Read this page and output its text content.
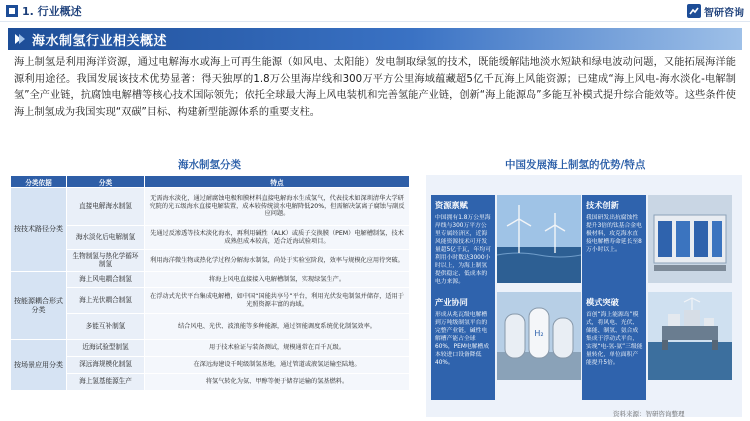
1. 行业概述	智研咨询
海水制氢行业相关概述

海上制氢是利用海洋资源，通过电解海水或海上可再生能源（如风电、太阳能）发电制取绿氢的技术，既能缓解陆地淡水短缺和绿电波动问题，又能拓展海洋能源利用途径。我国发展该技术优势显著：得天独厚的1.8万公里海岸线和300万平方公里海域蕴藏超5亿千瓦海上风能资源；已建成“海上风电-海水淡化-电解制氢”全产业链，抗腐蚀电解槽等核心技术国际领先；依托全球最大海上风电装机和完善氢能产业链，创新“海上能源岛”多能互补模式提升综合能效等。这些条件使海上制氢成为我国实现“双碳”目标、构建新型能源体系的重要支柱。

海水制氢分类	中国发展海上制氢的优势/特点
分类依据	分类	特点
按技术路径分类	直接电解海水制氢	无需海水淡化，通过耐腐蚀电极和膜材料直接电解海水生成氢气，代表技术如深圳清华大学研究院的光五级海水直接电解装置，成本较传统淡水电解降低20%，但需解决氯离子腐蚀与副反应问题。
	海水淡化后电解制氢	先通过反渗透等技术淡化海水，再利用碱性（ALK）或质子交换膜（PEM）电解槽制氢，技术成熟但成本较高，适合近海试验项目。
	生物制氢与热化学循环制氢	利用海洋微生物或热化学过程分解海水制氢，尚处于实验室阶段，效率与规模化应用待突破。
按能源耦合形式分类	海上风电耦合制氢	将海上风电直接接入电解槽制氢，实现绿氢生产。
	海上光伏耦合制氢	在浮动式光伏平台集成电解槽，如中国“国能共享号”平台，利用光伏发电制氢并储存，适用于光照资源丰富的海域。
	多能互补制氢	结合风电、光伏、波浪能等多种能源，通过智能调度系统优化制氢效率。
按场景应用分类	近海试验型制氢	用于技术验证与装备测试，规模通常在百千瓦级。
	深远海规模化制氢	在深远海建设千吨级制氢基地，通过管道或液氢运输至陆地。
	海上氢基能源生产	将氢气转化为氨、甲醇等便于储存运输的氢基燃料。
资源禀赋
中国拥有1.8万公里海岸线与300万平方公里专属经济区，近海风能资源技术可开发量超5亿千瓦，年均可利用小时数达3000小时以上，为海上制氢提供稳定、低成本的电力来源。
技术创新
我国研发出抗腐蚀性提升3倍的钛基合金电极材料，攻克海水直接电解槽寿命延长至8万小时以上。
产业协同
形成从兆瓦级电解槽到万吨级制氢平台的完整产业链，碱性电解槽产能占全球60%，PEM电解槽成本较进口设备降低40%。
H₂
模式突破
首创“海上能源岛”模式，将风电、光伏、储能、制氢、氨合成集成于浮动式平台，实现“电-氢-氨”三级能量转化，单位面积产能提升5倍。
资料来源：智研咨询整理
